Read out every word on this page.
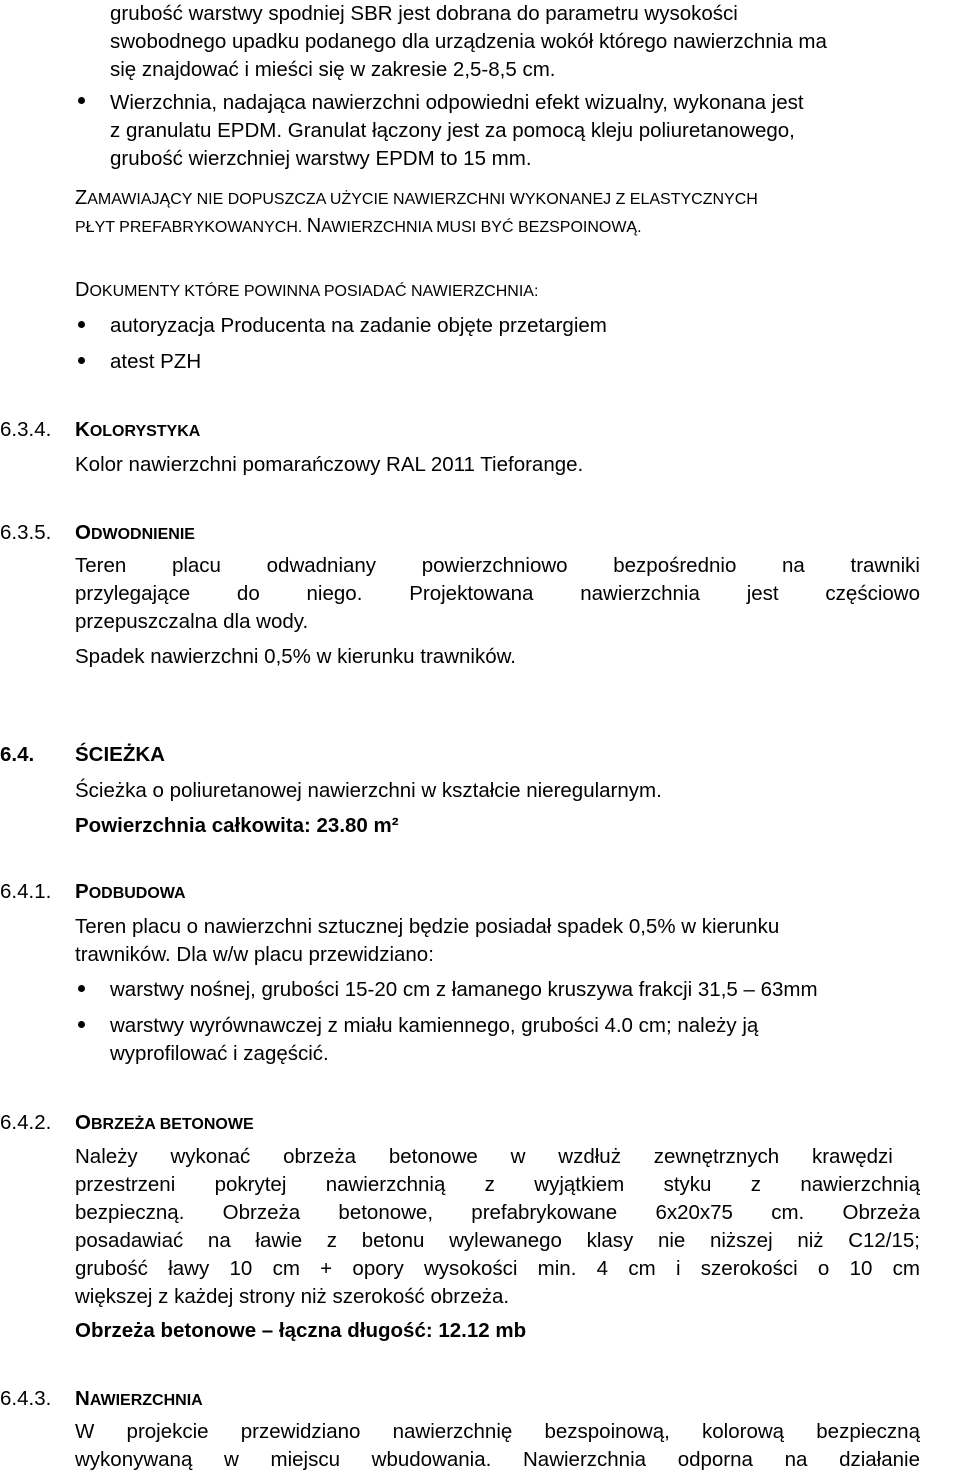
grubość warstwy spodniej SBR jest dobrana do parametru wysokości
swobodnego upadku podanego dla urządzenia wokół którego nawierzchnia ma
się znajdować i mieści się w zakresie 2,5-8,5 cm.
Wierzchnia, nadająca nawierzchni odpowiedni efekt wizualny, wykonana jest
z granulatu EPDM. Granulat łączony jest za pomocą kleju poliuretanowego,
grubość wierzchniej warstwy EPDM to 15 mm.
ZAMAWIAJĄCY NIE DOPUSZCZA UŻYCIE NAWIERZCHNI WYKONANEJ Z ELASTYCZNYCH
PŁYT PREFABRYKOWANYCH. NAWIERZCHNIA MUSI BYĆ BEZSPOINOWĄ.
DOKUMENTY KTÓRE POWINNA POSIADAĆ NAWIERZCHNIA:
autoryzacja Producenta na zadanie objęte przetargiem
atest PZH
6.3.4. KOLORYSTYKA
Kolor nawierzchni pomarańczowy RAL 2011 Tieforange.
6.3.5. ODWODNIENIE
Teren placu odwadniany powierzchniowo bezpośrednio na trawniki
przylegające do niego. Projektowana nawierzchnia jest częściowo
przepuszczalna dla wody.
Spadek nawierzchni 0,5% w kierunku trawników.
6.4. ŚCIEŻKA
Ścieżka o poliuretanowej nawierzchni w kształcie nieregularnym.
Powierzchnia całkowita: 23.80 m²
6.4.1. PODBUDOWA
Teren placu o nawierzchni sztucznej będzie posiadał spadek 0,5% w kierunku
trawników. Dla w/w placu przewidziano:
warstwy nośnej, grubości 15-20 cm z łamanego kruszywa frakcji 31,5 – 63mm
warstwy wyrównawczej z miału kamiennego, grubości 4.0 cm; należy ją
wyprofilować i zagęścić.
6.4.2. OBRZEŻA BETONOWE
Należy wykonać obrzeża betonowe w wzdłuż zewnętrznych krawędzi
przestrzeni pokrytej nawierzchnią z wyjątkiem styku z nawierzchnią
bezpieczną. Obrzeża betonowe, prefabrykowane 6x20x75 cm. Obrzeża
posadawiać na ławie z betonu wylewanego klasy nie niższej niż C12/15;
grubość ławy 10 cm + opory wysokości min. 4 cm i szerokości o 10 cm
większej z każdej strony niż szerokość obrzeża.
Obrzeża betonowe – łączna długość: 12.12 mb
6.4.3. NAWIERZCHNIA
W projekcie przewidziano nawierzchnię bezspoinową, kolorową bezpieczną
wykonywaną w miejscu wbudowania. Nawierzchnia odporna na działanie
